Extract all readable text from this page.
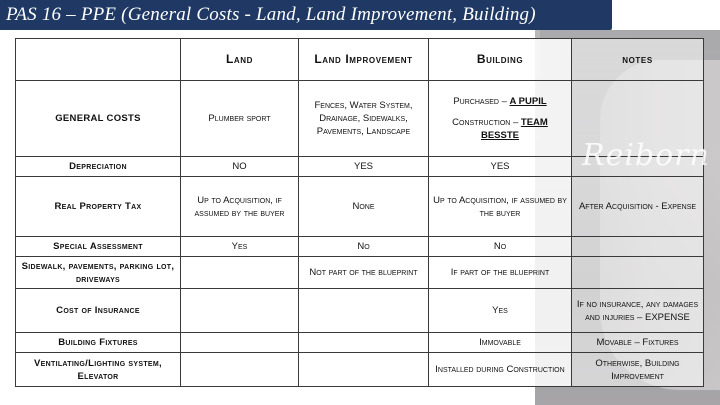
PAS 16 – PPE (General Costs - Land, Land Improvement, Building)
	Land	Land Improvement	Building	notes
GENERAL COSTS	Plumber sport	Fences, Water System, Drainage, Sidewalks, Pavements, Landscape	Purchased – A PUPIL
Construction – TEAM BESSTE	

Depreciation	NO	YES	YES	
Real Property Tax	Up to Acquisition, if assumed by the buyer	None	Up to Acquisition, if assumed by the buyer	After Acquisition - Expense
Special Assessment	Yes	No	No	
Sidewalk, pavements, parking lot, driveways		Not part of the blueprint	If part of the blueprint	
Cost of Insurance			Yes	If no insurance, any damages and injuries – EXPENSE
Building Fixtures			Immovable	Movable – Fixtures
Ventilating/Lighting system, Elevator			Installed during Construction	Otherwise, Building Improvement
Reiborn
